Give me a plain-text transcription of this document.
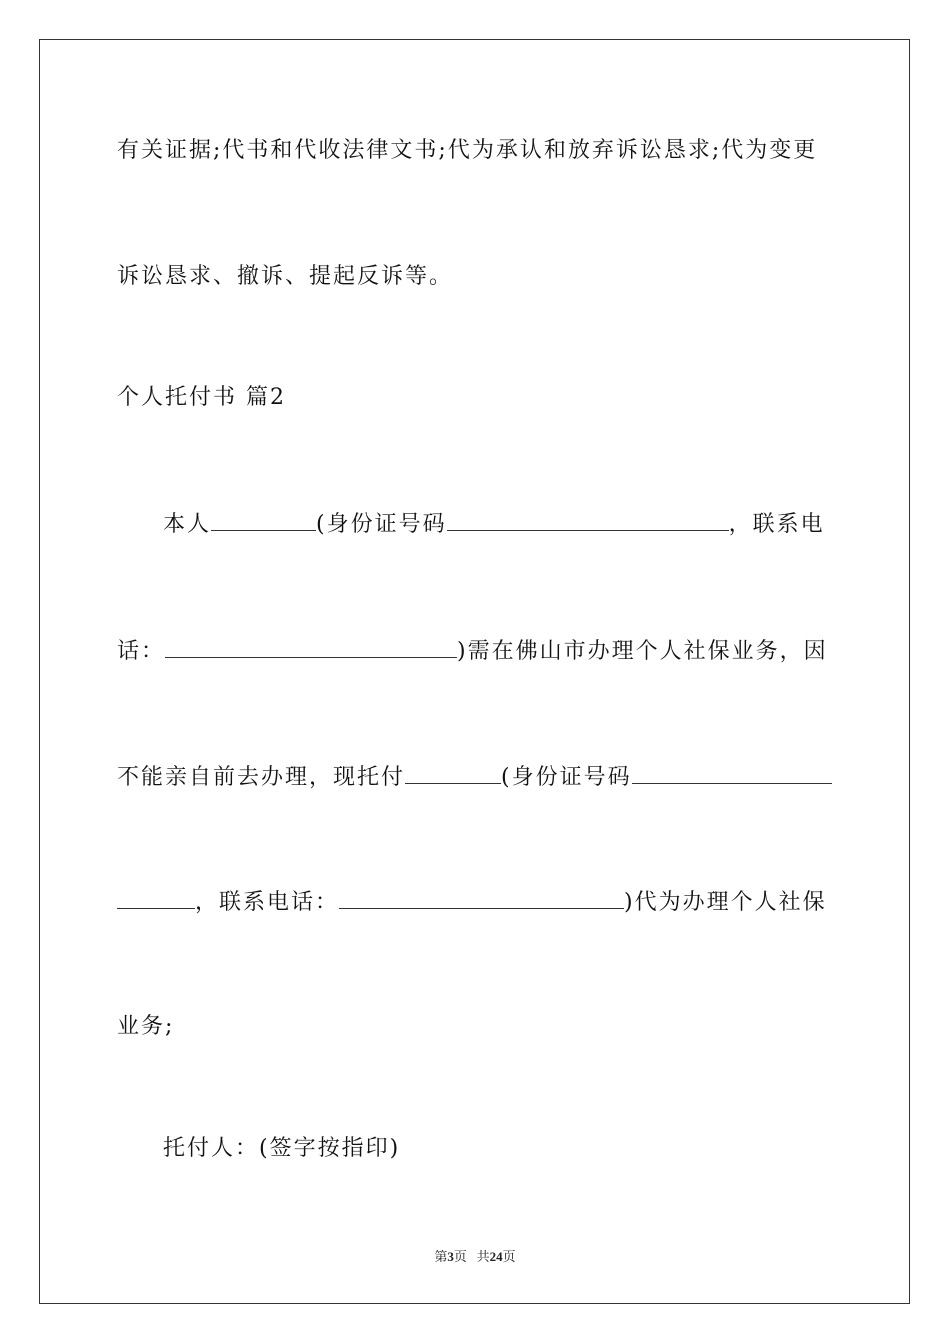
有关证据;代书和代收法律文书;代为承认和放弃诉讼恳求;代为变更
诉讼恳求、撤诉、提起反诉等。
个人托付书 篇2
本人	(身份证号码	，联系电
话：	)需在佛山市办理个人社保业务，因
不能亲自前去办理，现托付	(身份证号码
，联系电话：	)代为办理个人社保
业务;
托付人：(签字按指印)
第3页 共24页
